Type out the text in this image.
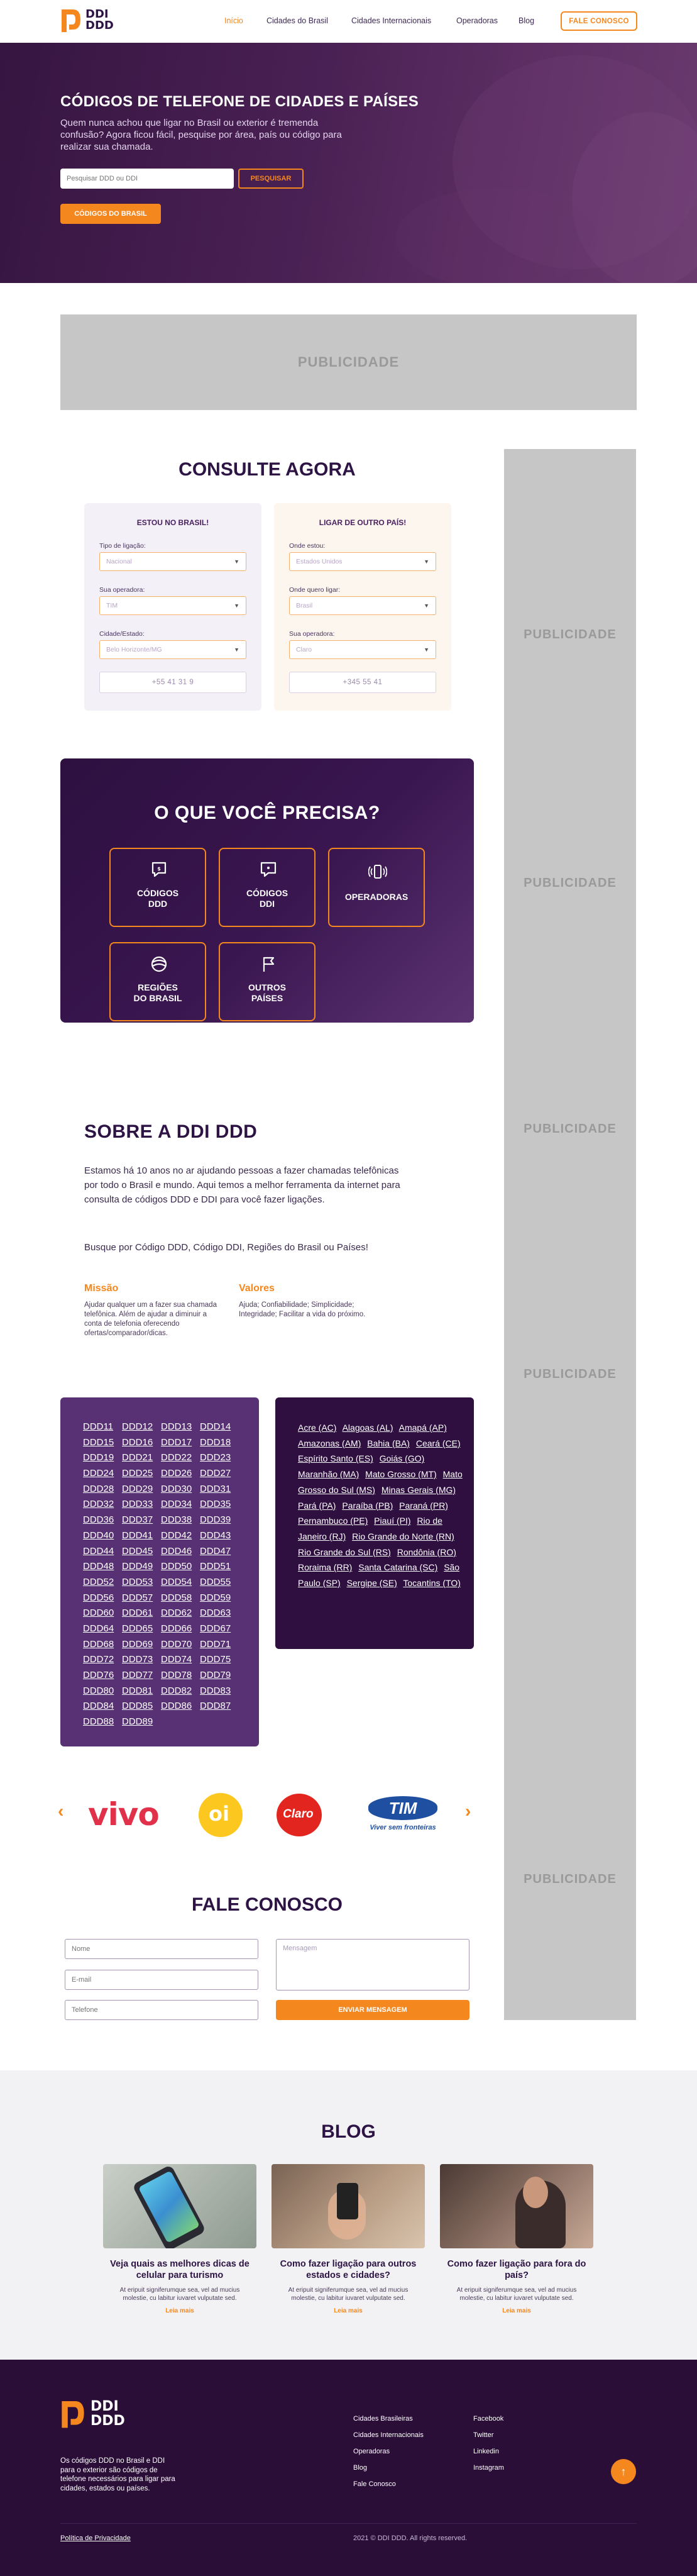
DDI
DDD	Início	Cidades do Brasil	Cidades Internacionais	Operadoras	Blog	FALE CONOSCO
CÓDIGOS DE TELEFONE DE CIDADES E PAÍSES
Quem nunca achou que ligar no Brasil ou exterior é tremenda confusão? Agora ficou fácil, pesquise por área, país ou código para realizar sua chamada.
Pesquisar DDD ou DDI
PESQUISAR
CÓDIGOS DO BRASIL
PUBLICIDADE
PUBLICIDADE
PUBLICIDADE
PUBLICIDADE
PUBLICIDADE
PUBLICIDADE
CONSULTE AGORA
ESTOU NO BRASIL!
Tipo de ligação:
Nacional	▼
Sua operadora:
TIM	▼
Cidade/Estado:
Belo Horizonte/MG	▼
+55 41 31 9
LIGAR DE OUTRO PAÍS!
Onde estou:
Estados Unidos	▼
Onde quero ligar:
Brasil	▼
Sua operadora:
Claro	▼
+345 55 41
O QUE VOCÊ PRECISA?
$
CÓDIGOS
DDD
CÓDIGOS
DDI
OPERADORAS
REGIÕES
DO BRASIL
OUTROS
PAÍSES
SOBRE A DDI DDD
Estamos há 10 anos no ar ajudando pessoas a fazer chamadas telefônicas por todo o Brasil e mundo. Aqui temos a melhor ferramenta da internet para consulta de códigos DDD e DDI para você fazer ligações.
Busque por Código DDD, Código DDI, Regiões do Brasil ou Países!
Missão
Ajudar qualquer um a fazer sua chamada telefônica. Além de ajudar a diminuir a conta de telefonia oferecendo ofertas/comparador/dicas.
Valores
Ajuda; Confiabilidade; Simplicidade; Integridade; Facilitar a vida do próximo.
DDD11 DDD12 DDD13 DDD14
DDD15 DDD16 DDD17 DDD18
DDD19 DDD21 DDD22 DDD23
DDD24 DDD25 DDD26 DDD27
DDD28 DDD29 DDD30 DDD31
DDD32 DDD33 DDD34 DDD35
DDD36 DDD37 DDD38 DDD39
DDD40 DDD41 DDD42 DDD43
DDD44 DDD45 DDD46 DDD47
DDD48 DDD49 DDD50 DDD51
DDD52 DDD53 DDD54 DDD55
DDD56 DDD57 DDD58 DDD59
DDD60 DDD61 DDD62 DDD63
DDD64 DDD65 DDD66 DDD67
DDD68 DDD69 DDD70 DDD71
DDD72 DDD73 DDD74 DDD75
DDD76 DDD77 DDD78 DDD79
DDD80 DDD81 DDD82 DDD83
DDD84 DDD85 DDD86 DDD87
DDD88 DDD89
Acre (AC) Alagoas (AL) Amapá (AP) Amazonas (AM) Bahia (BA) Ceará (CE) Espírito Santo (ES) Goiás (GO) Maranhão (MA) Mato Grosso (MT) Mato Grosso do Sul (MS) Minas Gerais (MG) Pará (PA) Paraíba (PB) Paraná (PR) Pernambuco (PE) Piauí (PI) Rio de Janeiro (RJ) Rio Grande do Norte (RN) Rio Grande do Sul (RS) Rondônia (RO) Roraima (RR) Santa Catarina (SC) São Paulo (SP) Sergipe (SE) Tocantins (TO)
‹	›
vivo oi	Claro	TIM
Viver sem fronteiras
FALE CONOSCO
Nome
E-mail
Telefone
Mensagem
ENVIAR MENSAGEM
BLOG
Veja quais as melhores dicas de celular para turismo
At eripuit signiferumque sea, vel ad mucius molestie, cu labitur iuvaret vulputate sed.
Leia mais
Como fazer ligação para outros estados e cidades?
At eripuit signiferumque sea, vel ad mucius molestie, cu labitur iuvaret vulputate sed.
Leia mais
Como fazer ligação para fora do país?
At eripuit signiferumque sea, vel ad mucius molestie, cu labitur iuvaret vulputate sed.
Leia mais
DDI
DDD
Os códigos DDD no Brasil e DDI para o exterior são códigos de telefone necessários para ligar para cidades, estados ou países.
Cidades Brasileiras
Cidades Internacionais
Operadoras
Blog
Fale Conosco
Facebook
Twitter
Linkedin
Instagram	↑
Política de Privacidade	2021 © DDI DDD. All rights reserved.
